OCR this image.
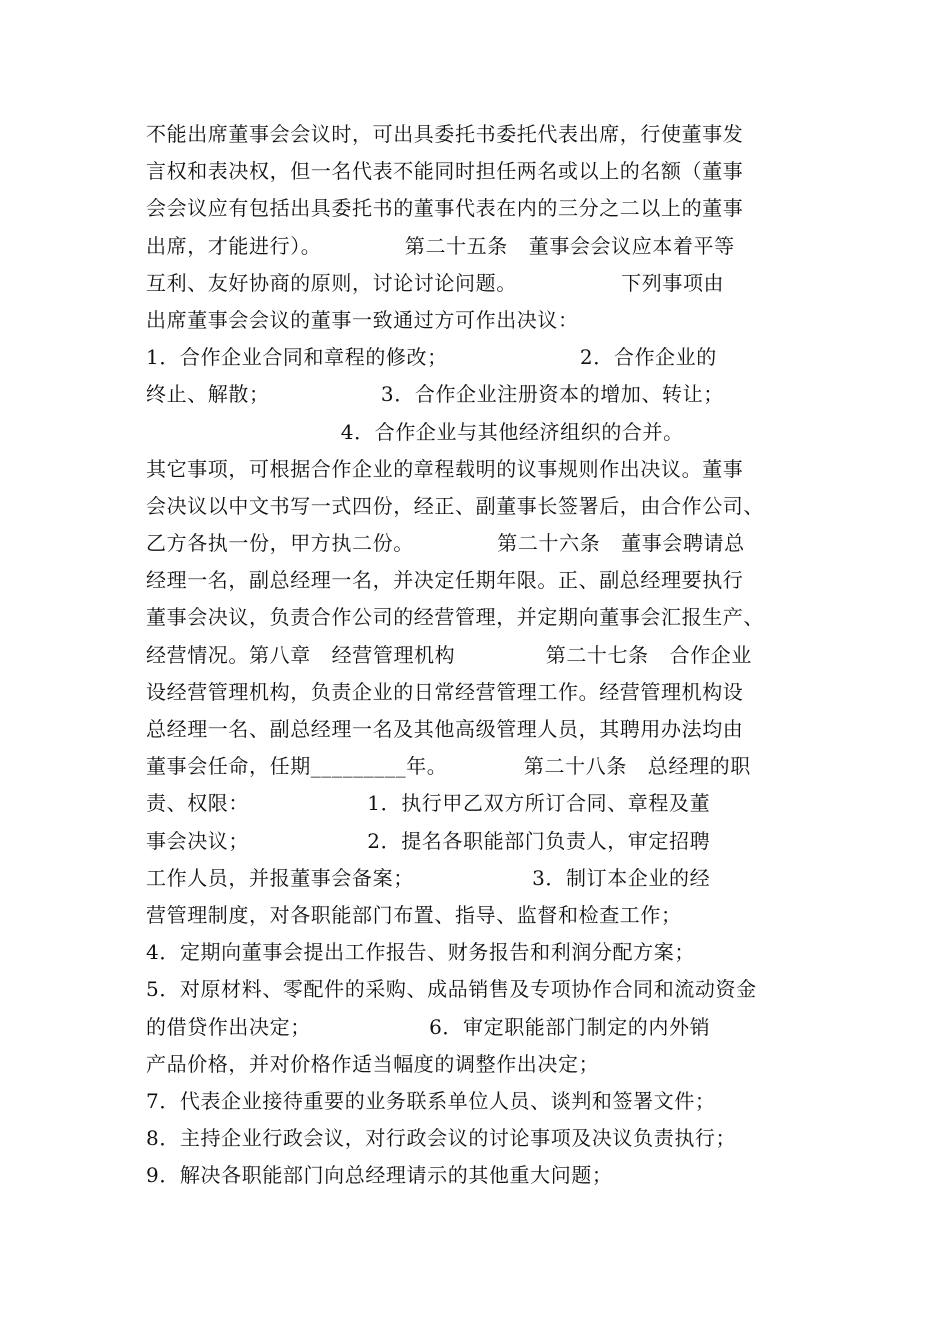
不能出席董事会会议时，可出具委托书委托代表出席，行使董事发
言权和表决权，但一名代表不能同时担任两名或以上的名额（董事
会会议应有包括出具委托书的董事代表在内的三分之二以上的董事
出席，才能进行）。            第二十五条   董事会会议应本着平等
互利、友好协商的原则，讨论讨论问题。               下列事项由
出席董事会会议的董事一致通过方可作出决议：
1．合作企业合同和章程的修改；                   2．合作企业的
终止、解散；                3．合作企业注册资本的增加、转让；
4．合作企业与其他经济组织的合并。
其它事项，可根据合作企业的章程载明的议事规则作出决议。董事
会决议以中文书写一式四份，经正、副董事长签署后，由合作公司、
乙方各执一份，甲方执二份。            第二十六条   董事会聘请总
经理一名，副总经理一名，并决定任期年限。正、副总经理要执行
董事会决议，负责合作公司的经营管理，并定期向董事会汇报生产、
经营情况。第八章   经营管理机构             第二十七条   合作企业
设经营管理机构，负责企业的日常经营管理工作。经营管理机构设
总经理一名、副总经理一名及其他高级管理人员，其聘用办法均由
董事会任命，任期_________年。           第二十八条   总经理的职
责、权限：                 1．执行甲乙双方所订合同、章程及董
事会决议；                 2．提名各职能部门负责人，审定招聘
工作人员，并报董事会备案；                 3．制订本企业的经
营管理制度，对各职能部门布置、指导、监督和检查工作；
4．定期向董事会提出工作报告、财务报告和利润分配方案；
5．对原材料、零配件的采购、成品销售及专项协作合同和流动资金
的借贷作出决定；                 6．审定职能部门制定的内外销
产品价格，并对价格作适当幅度的调整作出决定；
7．代表企业接待重要的业务联系单位人员、谈判和签署文件；
8．主持企业行政会议，对行政会议的讨论事项及决议负责执行；
9．解决各职能部门向总经理请示的其他重大问题；
